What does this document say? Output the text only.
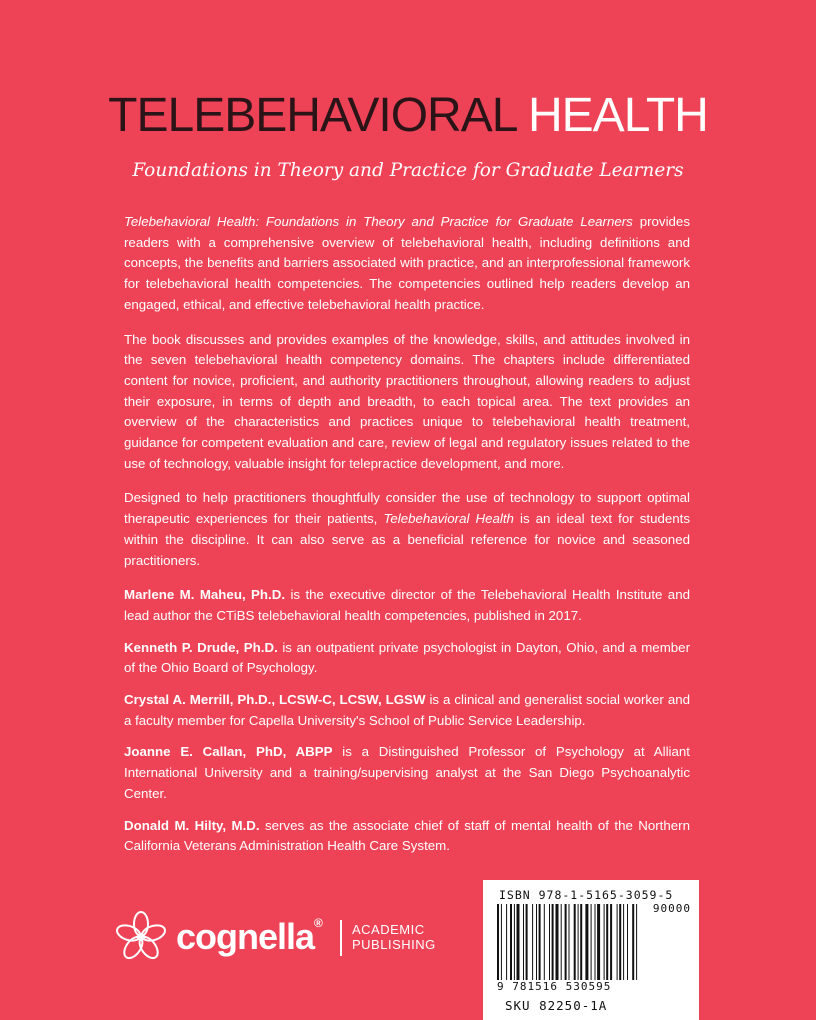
TELEBEHAVIORAL HEALTH
Foundations in Theory and Practice for Graduate Learners

Telebehavioral Health: Foundations in Theory and Practice for Graduate Learners provides readers with a comprehensive overview of telebehavioral health, including definitions and concepts, the benefits and barriers associated with practice, and an interprofessional framework for telebehavioral health competencies. The competencies outlined help readers develop an engaged, ethical, and effective telebehavioral health practice.

The book discusses and provides examples of the knowledge, skills, and attitudes involved in the seven telebehavioral health competency domains. The chapters include differentiated content for novice, proficient, and authority practitioners throughout, allowing readers to adjust their exposure, in terms of depth and breadth, to each topical area. The text provides an overview of the characteristics and practices unique to telebehavioral health treatment, guidance for competent evaluation and care, review of legal and regulatory issues related to the use of technology, valuable insight for telepractice development, and more.

Designed to help practitioners thoughtfully consider the use of technology to support optimal therapeutic experiences for their patients, Telebehavioral Health is an ideal text for students within the discipline. It can also serve as a beneficial reference for novice and seasoned practitioners.

Marlene M. Maheu, Ph.D. is the executive director of the Telebehavioral Health Institute and lead author the CTiBS telebehavioral health competencies, published in 2017.

Kenneth P. Drude, Ph.D. is an outpatient private psychologist in Dayton, Ohio, and a member of the Ohio Board of Psychology.

Crystal A. Merrill, Ph.D., LCSW-C, LCSW, LGSW is a clinical and generalist social worker and a faculty member for Capella University's School of Public Service Leadership.

Joanne E. Callan, PhD, ABPP is a Distinguished Professor of Psychology at Alliant International University and a training/supervising analyst at the San Diego Psychoanalytic Center.

Donald M. Hilty, M.D. serves as the associate chief of staff of mental health of the Northern California Veterans Administration Health Care System.

cognella® ACADEMIC
PUBLISHING
ISBN 978-1-5165-3059-5
90000
9 781516 530595
SKU 82250-1A
